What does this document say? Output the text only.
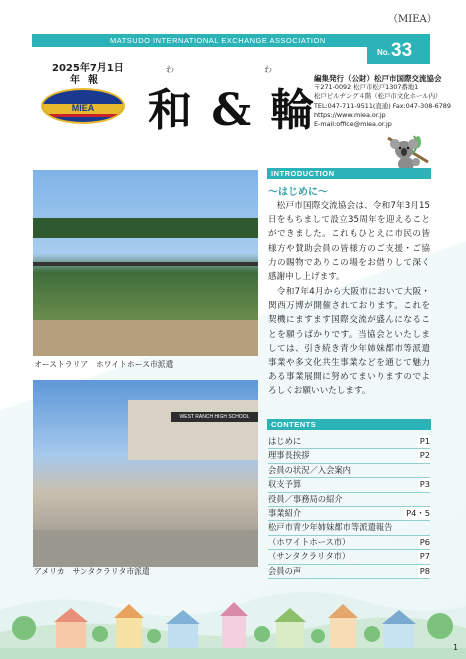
（MIEA）
MATSUDO INTERNATIONAL EXCHANGE ASSOCIATION
No. 33
2025年7月1日
年報
MIEA
わ	わ
和 & 輪
編集発行（公財）松戸市国際交流協会
〒271-0092 松戸市松戸1307番地1
松戸ビルヂング４階（松戸市文化ホール内）
TEL:047-711-9511(直通) Fax:047-308-6789
https://www.miea.or.jp
E-mail:office@miea.or.jp
オーストラリア　ホワイトホース市派遣
WEST RANCH HIGH SCHOOL
アメリカ　サンタクラリタ市派遣
INTRODUCTION
～はじめに～
　松戸市国際交流協会は、令和7年3月15日をもちまして設立35周年を迎えることができました。これもひとえに市民の皆様方や賛助会員の皆様方のご支援・ご協力の賜物でありこの場をお借りして深く感謝申し上げます。
　令和7年4月から大阪市において大阪・関西万博が開催されております。これを契機にますます国際交流が盛んになることを願うばかりです。当協会といたしましては、引き続き青少年姉妹都市等派遣事業や多文化共生事業などを通じて魅力ある事業展開に努めてまいりますのでよろしくお願いいたします。
CONTENTS
はじめに	P1
理事長挨拶	P2
会員の状況／入会案内
収支予算	P3
役員／事務局の紹介
事業紹介	P4・5
松戸市青少年姉妹都市等派遣報告
（ホワイトホース市）	P6
（サンタクラリタ市）	P7
会員の声	P8
1
